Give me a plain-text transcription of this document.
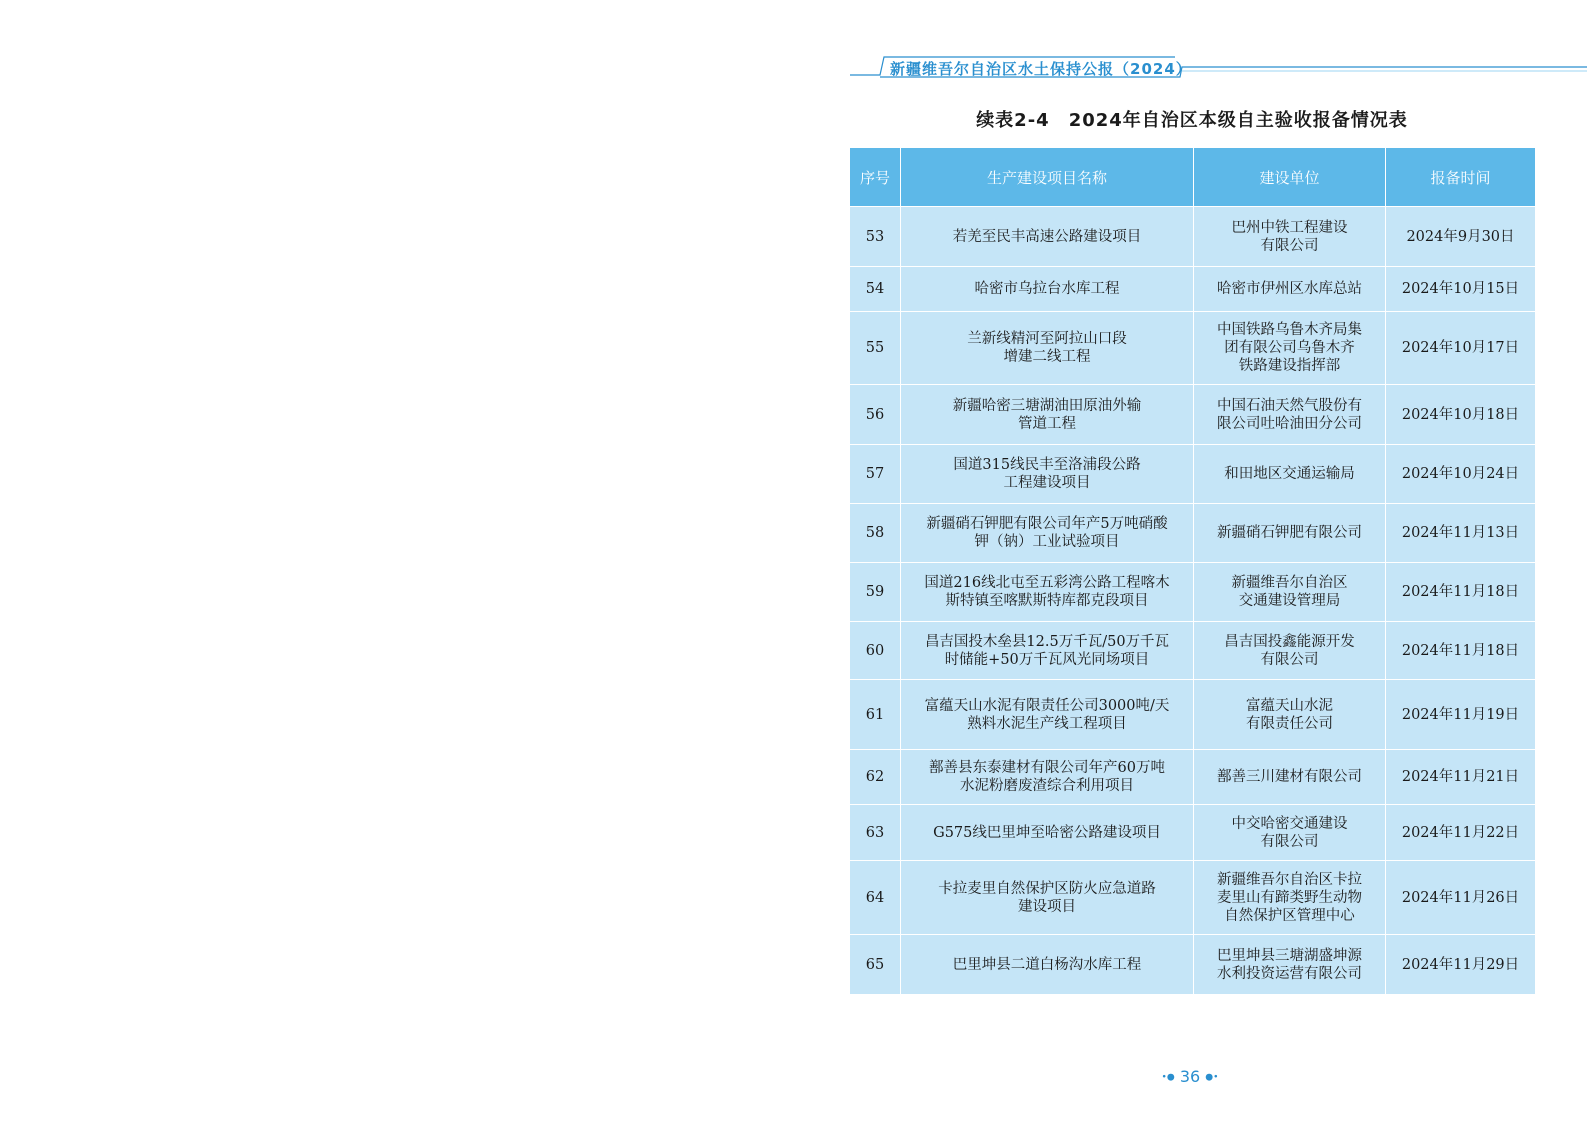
新疆维吾尔自治区水土保持公报（2024）
续表2-4　2024年自治区本级自主验收报备情况表
序号	生产建设项目名称	建设单位	报备时间
53	若羌至民丰高速公路建设项目	巴州中铁工程建设
有限公司	2024年9月30日
54	哈密市乌拉台水库工程	哈密市伊州区水库总站	2024年10月15日
55	兰新线精河至阿拉山口段
增建二线工程	中国铁路乌鲁木齐局集
团有限公司乌鲁木齐
铁路建设指挥部	2024年10月17日
56	新疆哈密三塘湖油田原油外输
管道工程	中国石油天然气股份有
限公司吐哈油田分公司	2024年10月18日
57	国道315线民丰至洛浦段公路
工程建设项目	和田地区交通运输局	2024年10月24日
58	新疆硝石钾肥有限公司年产5万吨硝酸
钾（钠）工业试验项目	新疆硝石钾肥有限公司	2024年11月13日
59	国道216线北屯至五彩湾公路工程喀木
斯特镇至喀默斯特库都克段项目	新疆维吾尔自治区
交通建设管理局	2024年11月18日
60	昌吉国投木垒县12.5万千瓦/50万千瓦
时储能+50万千瓦风光同场项目	昌吉国投鑫能源开发
有限公司	2024年11月18日
61	富蕴天山水泥有限责任公司3000吨/天
熟料水泥生产线工程项目	富蕴天山水泥
有限责任公司	2024年11月19日
62	鄯善县东泰建材有限公司年产60万吨
水泥粉磨废渣综合利用项目	鄯善三川建材有限公司	2024年11月21日
63	G575线巴里坤至哈密公路建设项目	中交哈密交通建设
有限公司	2024年11月22日
64	卡拉麦里自然保护区防火应急道路
建设项目	新疆维吾尔自治区卡拉
麦里山有蹄类野生动物
自然保护区管理中心	2024年11月26日
65	巴里坤县二道白杨沟水库工程	巴里坤县三塘湖盛坤源
水利投资运营有限公司	2024年11月29日
•● 36 ●•
